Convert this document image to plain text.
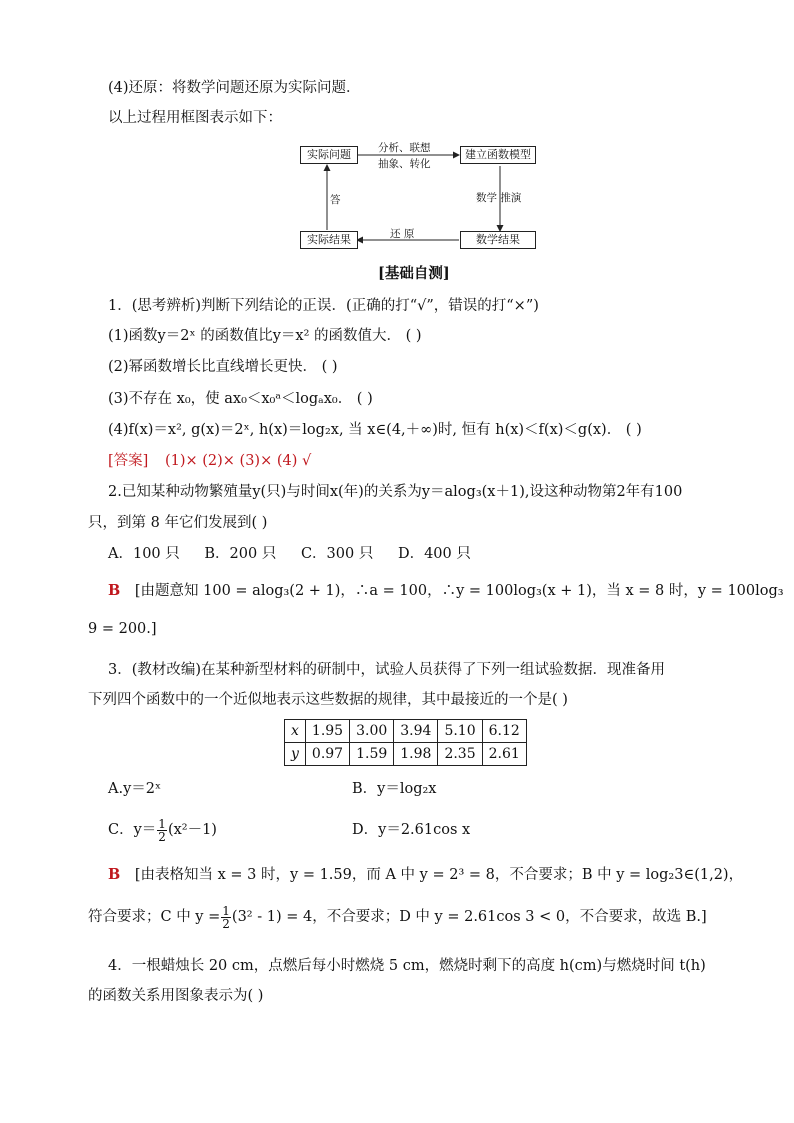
(4)还原：将数学问题还原为实际问题．
以上过程用框图表示如下：
实际问题	建立函数模型
实际结果	数学结果
分析、联想
抽象、转化
答	数学 推演
还 原
[基础自测]
1．(思考辨析)判断下列结论的正误．(正确的打“√”，错误的打“×”)
(1)函数y＝2ˣ 的函数值比y＝x² 的函数值大． ( )
(2)幂函数增长比直线增长更快． ( )
(3)不存在 x₀，使 ax₀＜x₀ᵃ＜logₐx₀． ( )
(4)f(x)＝x², g(x)＝2ˣ, h(x)＝log₂x, 当 x∈(4,＋∞)时, 恒有 h(x)＜f(x)＜g(x)． ( )
[答案] (1)× (2)× (3)× (4) √
2.已知某种动物繁殖量y(只)与时间x(年)的关系为y＝alog₃(x＋1),设这种动物第2年有100
只，到第 8 年它们发展到( )
A．100 只 B．200 只 C．300 只 D．400 只
B [由题意知 100 = alog₃(2 + 1)，∴a = 100，∴y = 100log₃(x + 1)，当 x = 8 时，y = 100log₃
9 = 200.]
3．(教材改编)在某种新型材料的研制中，试验人员获得了下列一组试验数据．现准备用
下列四个函数中的一个近似地表示这些数据的规律，其中最接近的一个是( )
x	1.95	3.00	3.94	5.10	6.12
y	0.97	1.59	1.98	2.35	2.61
A.y＝2ˣ	B．y＝log₂x
C．$y= \frac{1}{2} (x^2-1)$	D．y＝2.61cos x
B [由表格知当 x = 3 时，y = 1.59，而 A 中 y = 2³ = 8，不合要求；B 中 y = log₂3∈(1,2)，
符合要求；C 中 $y = \frac{1}{2} (3^2 - 1) = 4$，不合要求；D 中 y = 2.61cos 3 < 0，不合要求，故选 B.]
4．一根蜡烛长 20 cm，点燃后每小时燃烧 5 cm，燃烧时剩下的高度 h(cm)与燃烧时间 t(h)
的函数关系用图象表示为( )
